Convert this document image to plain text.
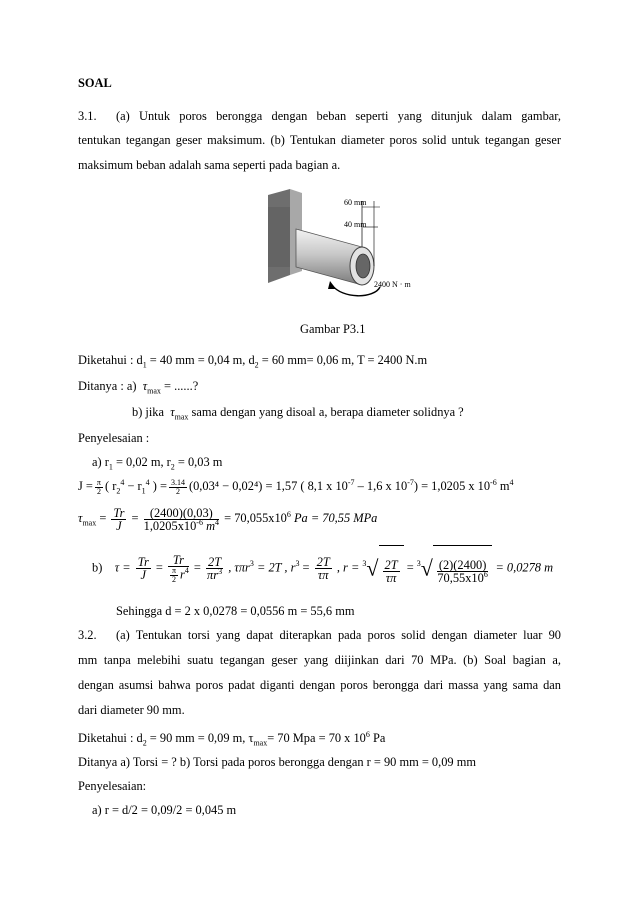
SOAL
3.1. (a) Untuk poros berongga dengan beban seperti yang ditunjuk dalam gambar,
tentukan tegangan geser maksimum. (b) Tentukan diameter poros solid untuk tegangan geser
maksimum beban adalah sama seperti pada bagian a.
60 mm
40 mm
2400 N · m
Gambar P3.1
Diketahui : $d_1 = 40$ mm = 0,04 m, $d_2 = 60$ mm= 0,06 m, T = 2400 N.m
Ditanya : a) $\tau_{max}$ = ......?
b) jika $\tau_{max}$ sama dengan yang disoal a, berapa diameter solidnya ?
Penyelesaian :
a) $r_1 = 0,02$ m, $r_2 = 0,03$ m
$J = \frac{\pi}{2}$ ( $r_2^4 - r_1^4$ ) = $\frac{3.14}{2} (0,03^4 - 0,02^4) = 1,57$ ( 8,1 x $10^{-7} - 1,6$ x $10^{-7}) = 1,0205$ x $10^{-6}$ $m^4$
$\tau_{max} = \frac{Tr}{J} = \frac{(2400)(0,03)}{1,0205x10^{-6} m^4} = 70,055x10^6$ Pa = 70,55 MPa
b) $\tau = \frac{Tr}{J} = \frac{Tr}{\frac{\pi}{2} r^4} = \frac{2T}{\pi r^3}$ , τπr$^3$ = 2T , $r^3 = \frac{2T}{\tau\pi}$ , $r = ^3√ \frac{2T}{\tau\pi} = ^3√ \frac{(2)(2400)}{70,55x10^6} = 0,0278$ m
Sehingga d = 2 x 0,0278 = 0,0556 m = 55,6 mm
3.2. (a) Tentukan torsi yang dapat diterapkan pada poros solid dengan diameter luar 90
mm tanpa melebihi suatu tegangan geser yang diijinkan dari 70 MPa. (b) Soal bagian a,
dengan asumsi bahwa poros padat diganti dengan poros berongga dari massa yang sama dan
dari diameter 90 mm.
Diketahui : $d_2 = 90$ mm = 0,09 m, $\tau_{max}= 70$ Mpa = 70 x $10^6$ Pa
Ditanya a) Torsi = ? b) Torsi pada poros berongga dengan r = 90 mm = 0,09 mm
Penyelesaian:
a) r = d/2 = 0,09/2 = 0,045 m
